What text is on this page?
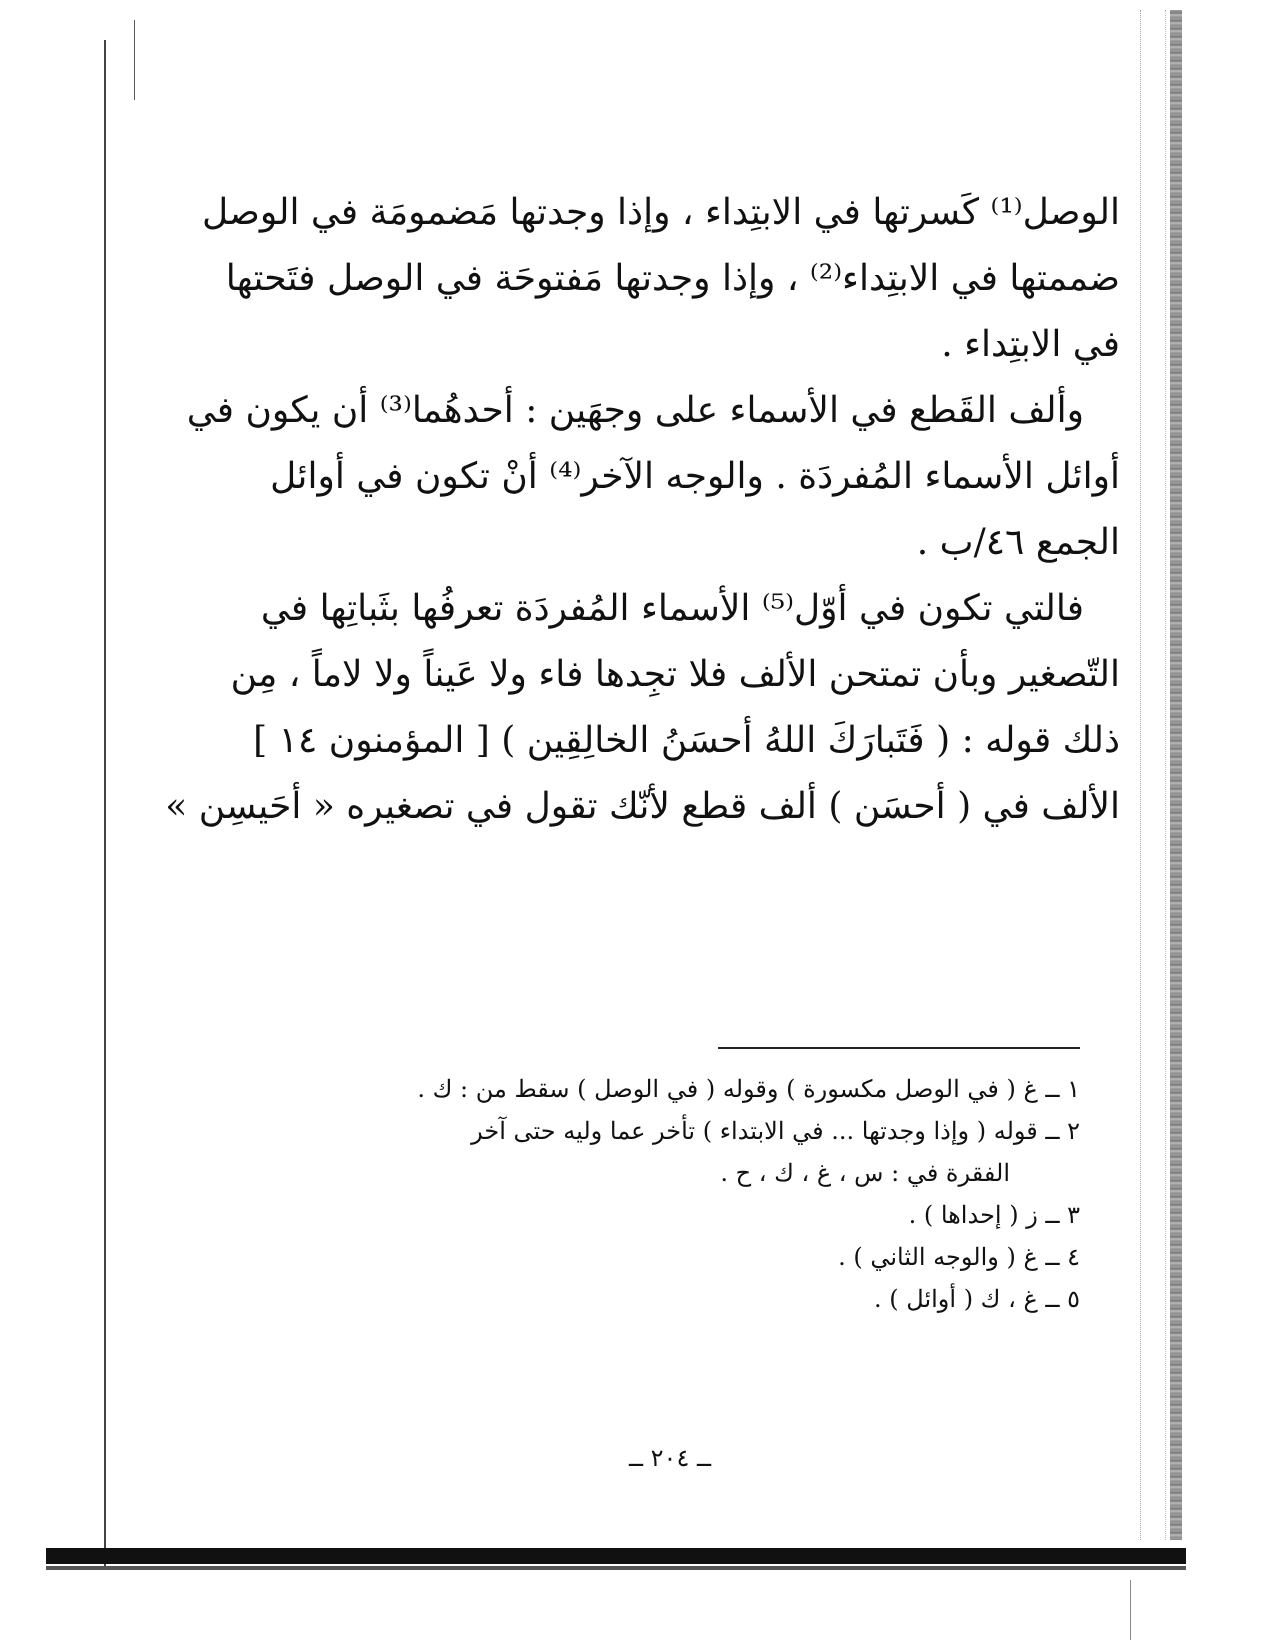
الوصل⁽¹⁾ كَسرتها في الابتِداء ، وإذا وجدتها مَضمومَة في الوصل
ضممتها في الابتِداء⁽²⁾ ، وإذا وجدتها مَفتوحَة في الوصل فتَحتها
في الابتِداء .
وألف القَطع في الأسماء على وجهَين : أحدهُما⁽³⁾ أن يكون في
أوائل الأسماء المُفردَة . والوجه الآخر⁽⁴⁾ أنْ تكون في أوائل
الجمع ٤٦/ب .
فالتي تكون في أوّل⁽⁵⁾ الأسماء المُفردَة تعرفُها بثَباتِها في
التّصغير وبأن تمتحن الألف فلا تجِدها فاء ولا عَيناً ولا لاماً ، مِن
ذلك قوله : ( فَتَبارَكَ اللهُ أحسَنُ الخالِقِين ) [ المؤمنون ١٤ ]
الألف في ( أحسَن ) ألف قطع لأنّك تقول في تصغيره « أحَيسِن »
١ ــ غ ( في الوصل مكسورة ) وقوله ( في الوصل ) سقط من : ك .
٢ ــ قوله ( وإذا وجدتها ... في الابتداء ) تأخر عما وليه حتى آخر
الفقرة في : س ، غ ، ك ، ح .
٣ ــ ز ( إحداها ) .
٤ ــ غ ( والوجه الثاني ) .
٥ ــ غ ، ك ( أوائل ) .
ــ ٢٠٤ ــ
